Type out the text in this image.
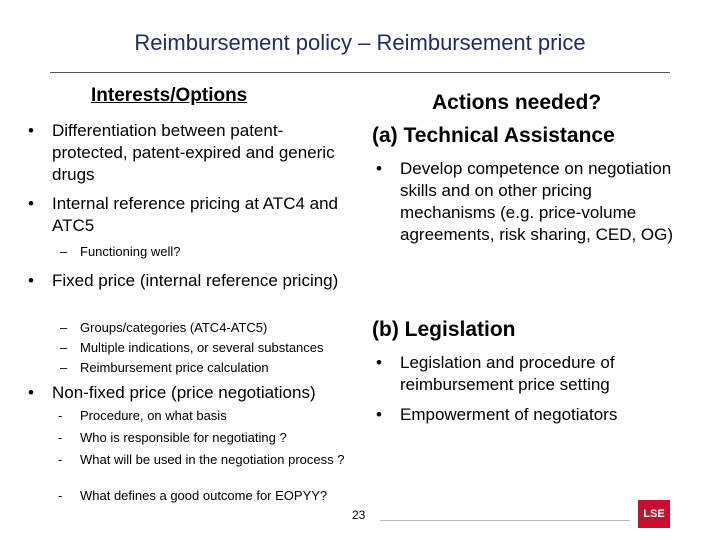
Reimbursement policy – Reimbursement price
Interests/Options	Actions needed?
•	Differentiation between patent-protected, patent-expired and generic drugs
•	Internal reference pricing at ATC4 and ATC5
– Functioning well?
•	Fixed price (internal reference pricing)
– Groups/categories (ATC4-ATC5)
– Multiple indications, or several substances
– Reimbursement price calculation
•	Non-fixed price (price negotiations)
-	Procedure, on what basis
-	Who is responsible for negotiating ?
-	What will be used in the negotiation process ?
-	What defines a good outcome for EOPYY?
(a) Technical Assistance
•	Develop competence on negotiation skills and on other pricing mechanisms (e.g. price-volume agreements, risk sharing, CED, OG)
(b) Legislation
•	Legislation and procedure of reimbursement price setting
•	Empowerment of negotiators
23	LSE
